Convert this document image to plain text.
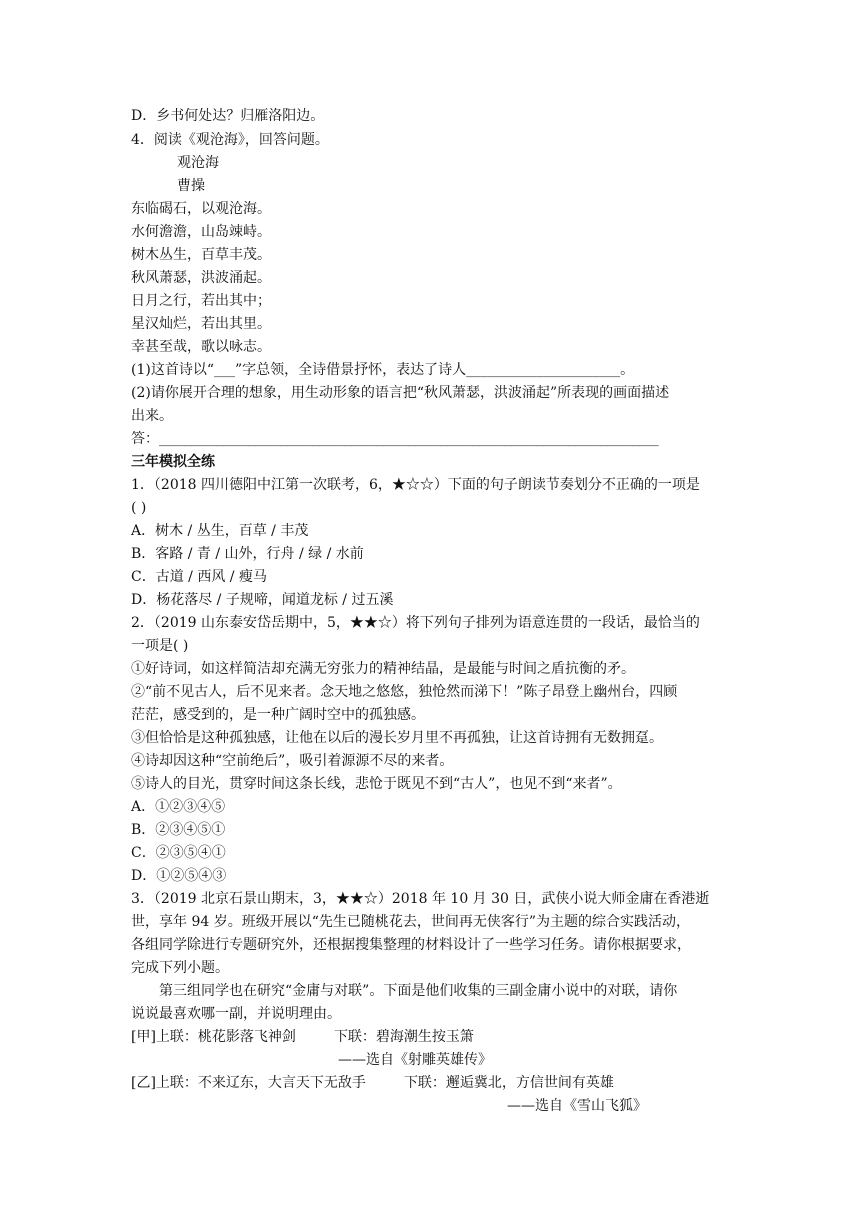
D．乡书何处达？归雁洛阳边。
4．阅读《观沧海》，回答问题。
观沧海
曹操
东临碣石，以观沧海。
水何澹澹，山岛竦峙。
树木丛生，百草丰茂。
秋风萧瑟，洪波涌起。
日月之行，若出其中；
星汉灿烂，若出其里。
幸甚至哉，歌以咏志。
(1)这首诗以“___”字总领，全诗借景抒怀，表达了诗人______________________。
(2)请你展开合理的想象，用生动形象的语言把“秋风萧瑟，洪波涌起”所表现的画面描述
出来。
答：______________________________________________________________________________
三年模拟全练
1．（2018 四川德阳中江第一次联考，6，★☆☆）下面的句子朗读节奏划分不正确的一项是
( )
A．树木 / 丛生，百草 / 丰茂
B．客路 / 青 / 山外，行舟 / 绿 / 水前
C．古道 / 西风 / 瘦马
D．杨花落尽 / 子规啼，闻道龙标 / 过五溪
2．（2019 山东泰安岱岳期中，5，★★☆）将下列句子排列为语意连贯的一段话，最恰当的
一项是( )
①好诗词，如这样简洁却充满无穷张力的精神结晶，是最能与时间之盾抗衡的矛。
②“前不见古人，后不见来者。念天地之悠悠，独怆然而涕下！”陈子昂登上幽州台，四顾
茫茫，感受到的，是一种广阔时空中的孤独感。
③但恰恰是这种孤独感，让他在以后的漫长岁月里不再孤独，让这首诗拥有无数拥趸。
④诗却因这种“空前绝后”，吸引着源源不尽的来者。
⑤诗人的目光，贯穿时间这条长线，悲怆于既见不到“古人”，也见不到“来者”。
A．①②③④⑤
B．②③④⑤①
C．②③⑤④①
D．①②⑤④③
3．（2019 北京石景山期末，3，★★☆）2018 年 10 月 30 日，武侠小说大师金庸在香港逝
世，享年 94 岁。班级开展以“先生已随桃花去，世间再无侠客行”为主题的综合实践活动，
各组同学除进行专题研究外，还根据搜集整理的材料设计了一些学习任务。请你根据要求，
完成下列小题。
第三组同学也在研究“金庸与对联”。下面是他们收集的三副金庸小说中的对联，请你
说说最喜欢哪一副，并说明理由。
[甲]上联：桃花影落飞神剑	下联：碧海潮生按玉箫
——选自《射雕英雄传》
[乙]上联：不来辽东，大言天下无敌手	下联：邂逅冀北，方信世间有英雄
——选自《雪山飞狐》
